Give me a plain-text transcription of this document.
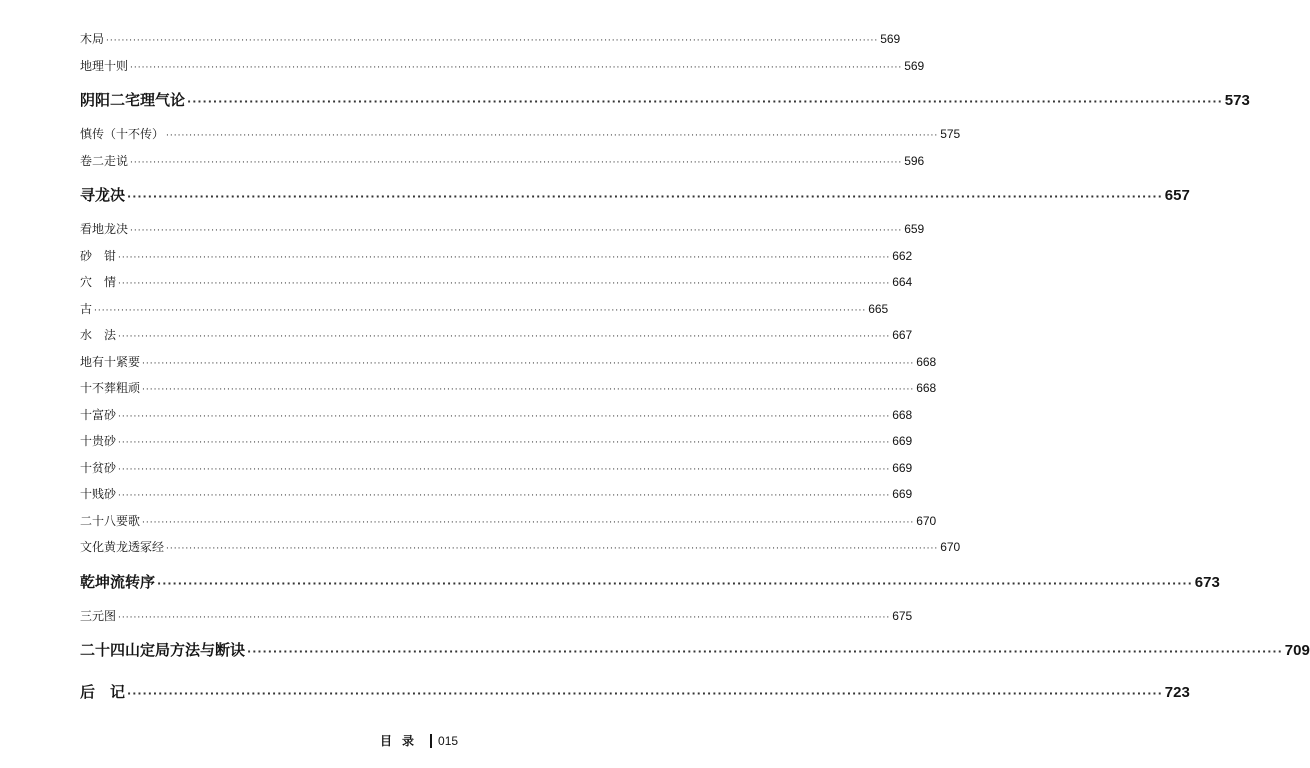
木局 ········································································································································································································ 569
地理十则 ········································································································································································································ 569
阴阳二宅理气论 ········································································································································································································ 573
慎传（十不传） ········································································································································································································ 575
卷二走说 ········································································································································································································ 596
寻龙决 ········································································································································································································ 657
看地龙决 ········································································································································································································ 659
砂　钳 ········································································································································································································ 662
穴　情 ········································································································································································································ 664
古 ········································································································································································································ 665
水　法 ········································································································································································································ 667
地有十紧要 ········································································································································································································ 668
十不葬粗顽 ········································································································································································································ 668
十富砂 ········································································································································································································ 668
十贵砂 ········································································································································································································ 669
十贫砂 ········································································································································································································ 669
十贱砂 ········································································································································································································ 669
二十八要歌 ········································································································································································································ 670
文化黄龙透冢经 ········································································································································································································ 670
乾坤流转序 ········································································································································································································ 673
三元图 ········································································································································································································ 675
二十四山定局方法与断诀 ········································································································································································································ 709
后　记 ········································································································································································································ 723
目录 015
